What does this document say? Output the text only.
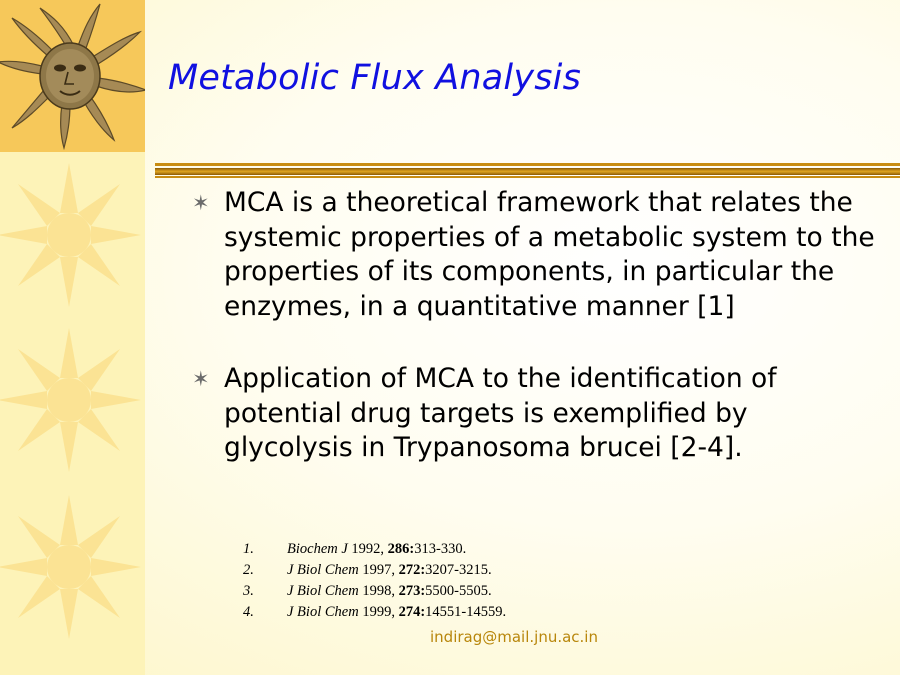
Metabolic Flux Analysis
✶ MCA is a theoretical framework that relates the systemic properties of a metabolic system to the properties of its components, in particular the enzymes, in a quantitative manner [1]
✶ Application of MCA to the identification of potential drug targets is exemplified by glycolysis in Trypanosoma brucei [2-4].
1. Biochem J 1992, 286:313-330.
2. J Biol Chem 1997, 272:3207-3215.
3. J Biol Chem 1998, 273:5500-5505.
4. J Biol Chem 1999, 274:14551-14559.
indirag@mail.jnu.ac.in
